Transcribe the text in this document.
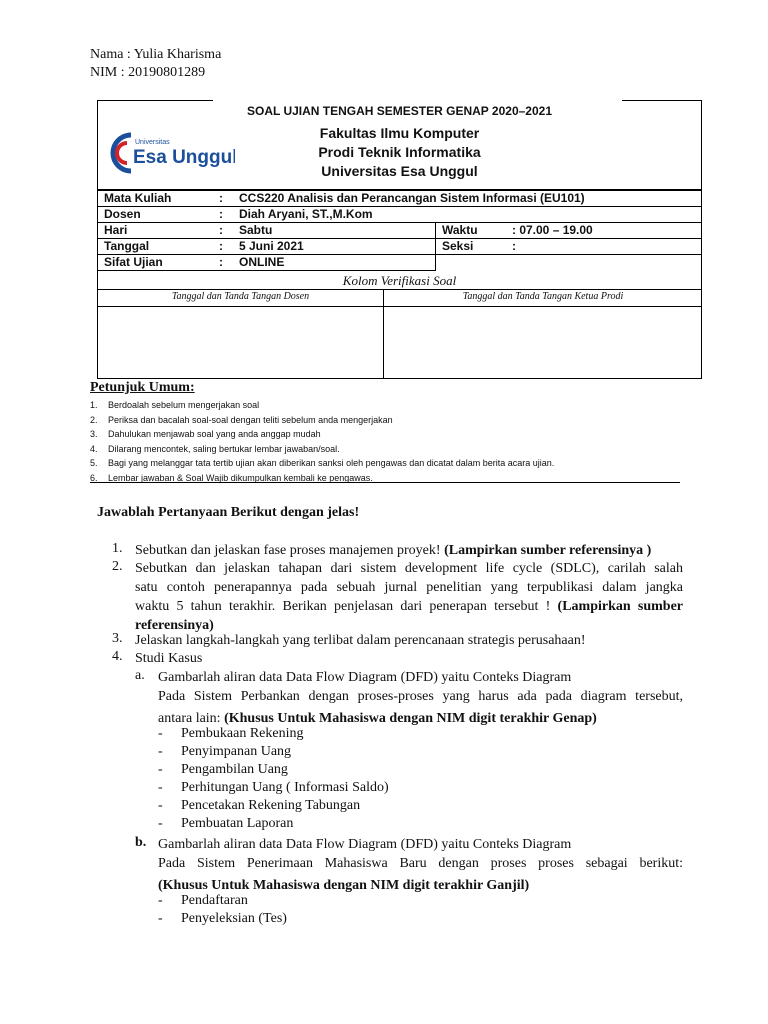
Nama : Yulia Kharisma
NIM : 20190801289
SOAL UJIAN TENGAH SEMESTER GENAP 2020–2021
Fakultas Ilmu Komputer
Prodi Teknik Informatika
Universitas Esa Unggul
Universitas
Esa Unggul
Mata Kuliah	:	CCS220 Analisis dan Perancangan Sistem Informasi (EU101)		
Dosen	:	Diah Aryani, ST.,M.Kom		
Hari	:	Sabtu	Waktu	: 07.00 – 19.00
Tanggal	:	5 Juni 2021	Seksi	:
Sifat Ujian	:	ONLINE		
Kolom Verifikasi Soal
Tanggal dan Tanda Tangan Dosen	Tanggal dan Tanda Tangan Ketua Prodi
Petunjuk Umum:
1. Berdoalah sebelum mengerjakan soal
2. Periksa dan bacalah soal-soal dengan teliti sebelum anda mengerjakan
3. Dahulukan menjawab soal yang anda anggap mudah
4. Dilarang mencontek, saling bertukar lembar jawaban/soal.
5. Bagi yang melanggar tata tertib ujian akan diberikan sanksi oleh pengawas dan dicatat dalam berita acara ujian.
6. Lembar jawaban & Soal Wajib dikumpulkan kembali ke pengawas.
Jawablah Pertanyaan Berikut dengan jelas!
1. Sebutkan dan jelaskan fase proses manajemen proyek! (Lampirkan sumber referensinya )
2. Sebutkan dan jelaskan tahapan dari sistem development life cycle (SDLC), carilah salah
satu contoh penerapannya pada sebuah jurnal penelitian yang terpublikasi dalam jangka
waktu 5 tahun terakhir. Berikan penjelasan dari penerapan tersebut ! (Lampirkan sumber
referensinya)
3. Jelaskan langkah-langkah yang terlibat dalam perencanaan strategis perusahaan!
4. Studi Kasus
a. Gambarlah aliran data Data Flow Diagram (DFD) yaitu Conteks Diagram
Pada Sistem Perbankan dengan proses-proses yang harus ada pada diagram tersebut,
antara lain: (Khusus Untuk Mahasiswa dengan NIM digit terakhir Genap)
- Pembukaan Rekening
- Penyimpanan Uang
- Pengambilan Uang
- Perhitungan Uang ( Informasi Saldo)
- Pencetakan Rekening Tabungan
- Pembuatan Laporan
b. Gambarlah aliran data Data Flow Diagram (DFD) yaitu Conteks Diagram
Pada Sistem Penerimaan Mahasiswa Baru dengan proses proses sebagai berikut:
(Khusus Untuk Mahasiswa dengan NIM digit terakhir Ganjil)
- Pendaftaran
- Penyeleksian (Tes)
